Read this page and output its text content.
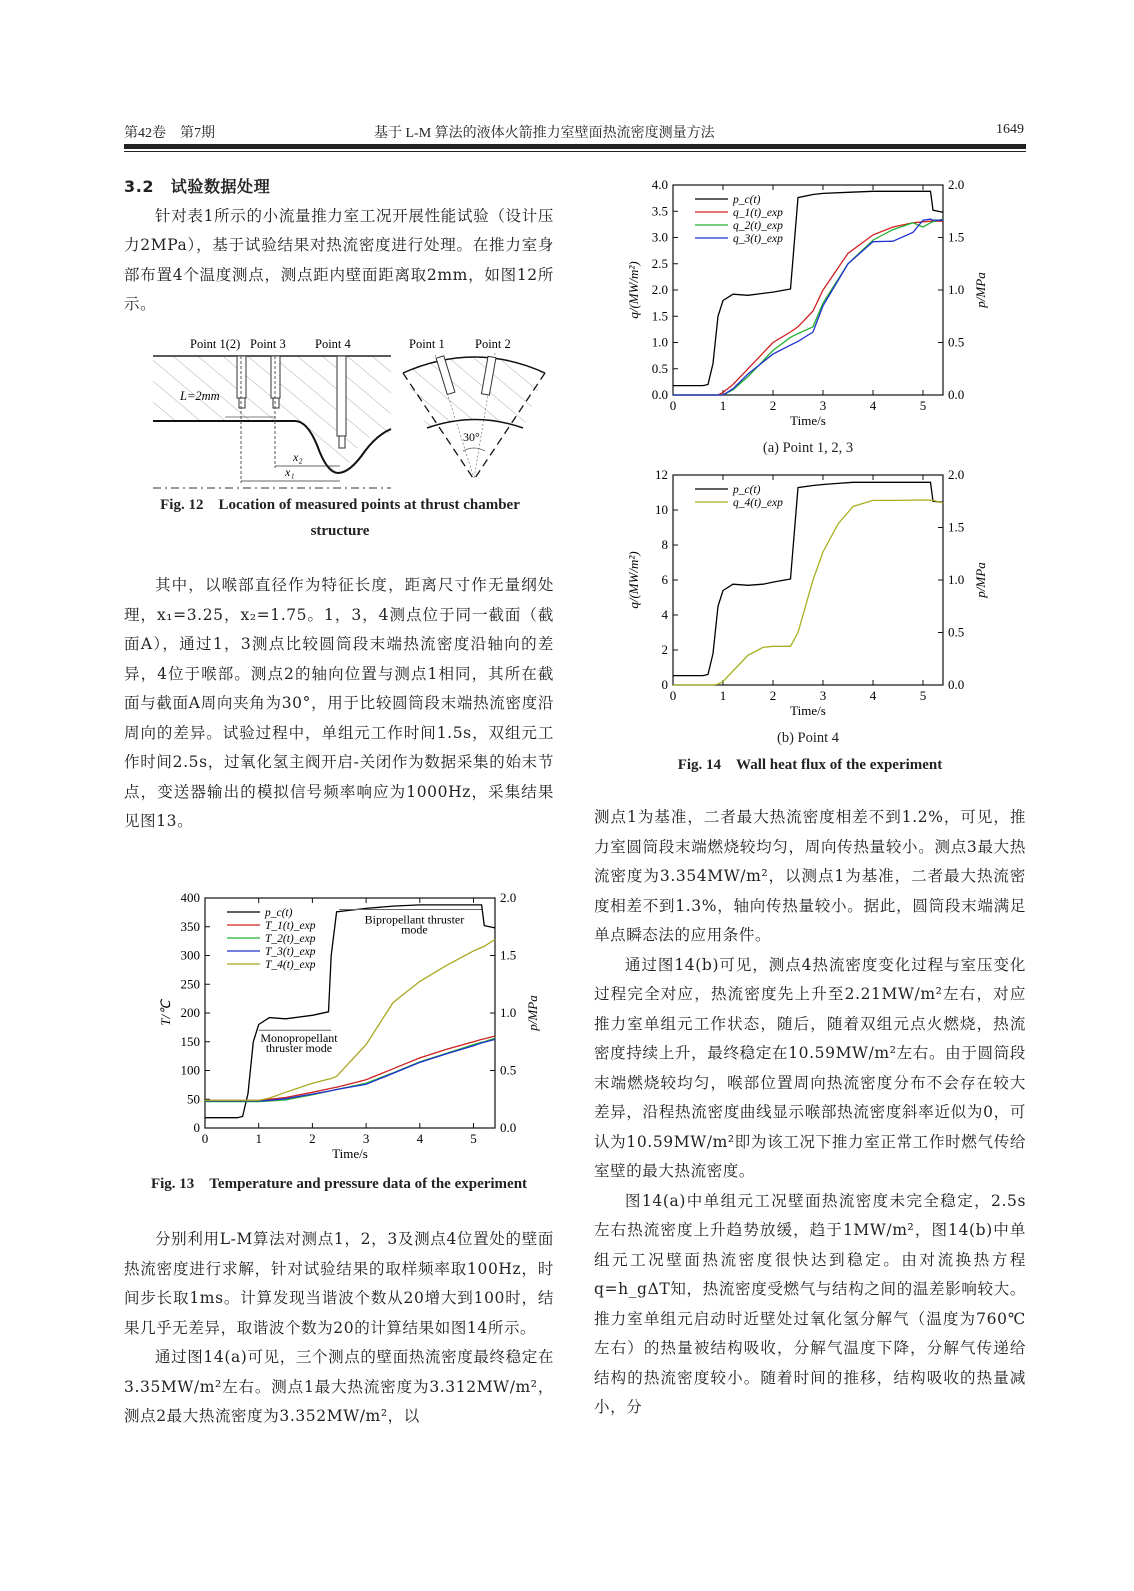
第42卷　第7期	基于 L-M 算法的液体火箭推力室壁面热流密度测量方法	1649

3.2　试验数据处理

针对表1所示的小流量推力室工况开展性能试验（设计压力2MPa），基于试验结果对热流密度进行处理。在推力室身部布置4个温度测点，测点距内壁面距离取2mm，如图12所示。

Point 1(2) Point 3 Point 4
L=2mm
x₂
x₁
Point 1 Point 2
30°
Fig. 12　Location of measured points at thrust chamber
structure

其中，以喉部直径作为特征长度，距离尺寸作无量纲处理，x₁=3.25，x₂=1.75。1，3，4测点位于同一截面（截面A），通过1，3测点比较圆筒段末端热流密度沿轴向的差异，4位于喉部。测点2的轴向位置与测点1相同，其所在截面与截面A周向夹角为30°，用于比较圆筒段末端热流密度沿周向的差异。试验过程中，单组元工作时间1.5s，双组元工作时间2.5s，过氧化氢主阀开启-关闭作为数据采集的始末节点，变送器输出的模拟信号频率响应为1000Hz，采集结果见图13。

0	1	2	3	4	5
0
50
100
150
200
250
300
350
400
0.0
0.5
1.0
1.5
2.0
Time/s
T/℃	p/MPa
p_c(t)
T_1(t)_exp
T_2(t)_exp
T_3(t)_exp
T_4(t)_exp
Bipropellant thruster
mode
Monopropellant
thruster mode
Fig. 13　Temperature and pressure data of the experiment

分别利用L-M算法对测点1，2，3及测点4位置处的壁面热流密度进行求解，针对试验结果的取样频率取100Hz，时间步长取1ms。计算发现当谐波个数从20增大到100时，结果几乎无差异，取谐波个数为20的计算结果如图14所示。

通过图14(a)可见，三个测点的壁面热流密度最终稳定在3.35MW/m²左右。测点1最大热流密度为3.312MW/m²，测点2最大热流密度为3.352MW/m²，以

0	1	2	3	4	5
0.0
0.5
1.0
1.5
2.0
2.5
3.0
3.5
4.0
0.0
0.5
1.0
1.5
2.0
Time/s
q/(MW/m²)	p/MPa
p_c(t)
q_1(t)_exp
q_2(t)_exp
q_3(t)_exp
(a) Point 1, 2, 3
0	1	2	3	4	5
0
2
4
6
8
10
12
0.0
0.5
1.0
1.5
2.0
Time/s
q/(MW/m²)	p/MPa
p_c(t)
q_4(t)_exp
(b) Point 4
Fig. 14　Wall heat flux of the experiment

测点1为基准，二者最大热流密度相差不到1.2%，可见，推力室圆筒段末端燃烧较均匀，周向传热量较小。测点3最大热流密度为3.354MW/m²，以测点1为基准，二者最大热流密度相差不到1.3%，轴向传热量较小。据此，圆筒段末端满足单点瞬态法的应用条件。

通过图14(b)可见，测点4热流密度变化过程与室压变化过程完全对应，热流密度先上升至2.21MW/m²左右，对应推力室单组元工作状态，随后，随着双组元点火燃烧，热流密度持续上升，最终稳定在10.59MW/m²左右。由于圆筒段末端燃烧较均匀，喉部位置周向热流密度分布不会存在较大差异，沿程热流密度曲线显示喉部热流密度斜率近似为0，可认为10.59MW/m²即为该工况下推力室正常工作时燃气传给室壁的最大热流密度。

图14(a)中单组元工况壁面热流密度未完全稳定，2.5s左右热流密度上升趋势放缓，趋于1MW/m²，图14(b)中单组元工况壁面热流密度很快达到稳定。由对流换热方程q=h_gΔT知，热流密度受燃气与结构之间的温差影响较大。推力室单组元启动时近壁处过氧化氢分解气（温度为760℃左右）的热量被结构吸收，分解气温度下降，分解气传递给结构的热流密度较小。随着时间的推移，结构吸收的热量减小，分
